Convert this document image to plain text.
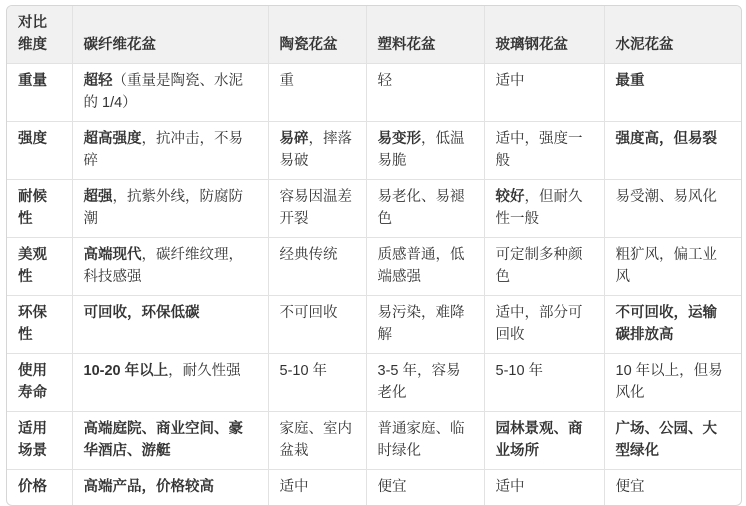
对比维度	碳纤维花盆	陶瓷花盆	塑料花盆	玻璃钢花盆	水泥花盆
重量	超轻（重量是陶瓷、水泥的 1/4）	重	轻	适中	最重
强度	超高强度，抗冲击，不易碎	易碎，摔落易破	易变形，低温易脆	适中，强度一般	强度高，但易裂
耐候性	超强，抗紫外线，防腐防潮	容易因温差开裂	易老化、易褪色	较好，但耐久性一般	易受潮、易风化
美观性	高端现代，碳纤维纹理，科技感强	经典传统	质感普通，低端感强	可定制多种颜色	粗犷风，偏工业风
环保性	可回收，环保低碳	不可回收	易污染，难降解	适中，部分可回收	不可回收，运输碳排放高
使用寿命	10-20 年以上，耐久性强	5-10 年	3-5 年，容易老化	5-10 年	10 年以上，但易风化
适用场景	高端庭院、商业空间、豪华酒店、游艇	家庭、室内盆栽	普通家庭、临时绿化	园林景观、商业场所	广场、公园、大型绿化
价格	高端产品，价格较高	适中	便宜	适中	便宜
